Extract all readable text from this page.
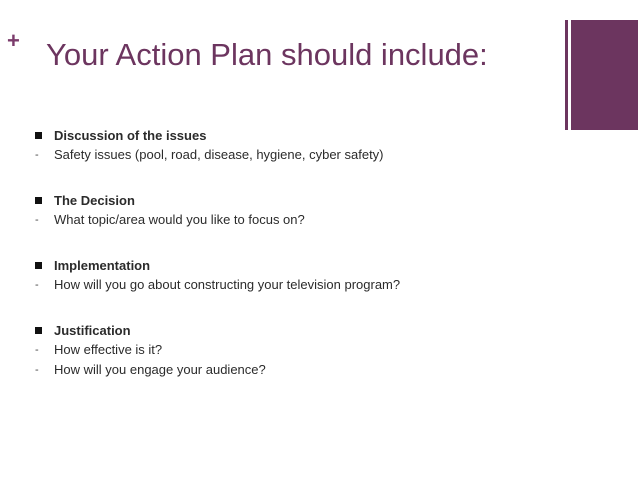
+ Your Action Plan should include:
Discussion of the issues
- Safety issues (pool, road, disease, hygiene, cyber safety)
The Decision
- What topic/area would you like to focus on?
Implementation
- How will you go about constructing your television program?
Justification
- How effective is it?
- How will you engage your audience?
